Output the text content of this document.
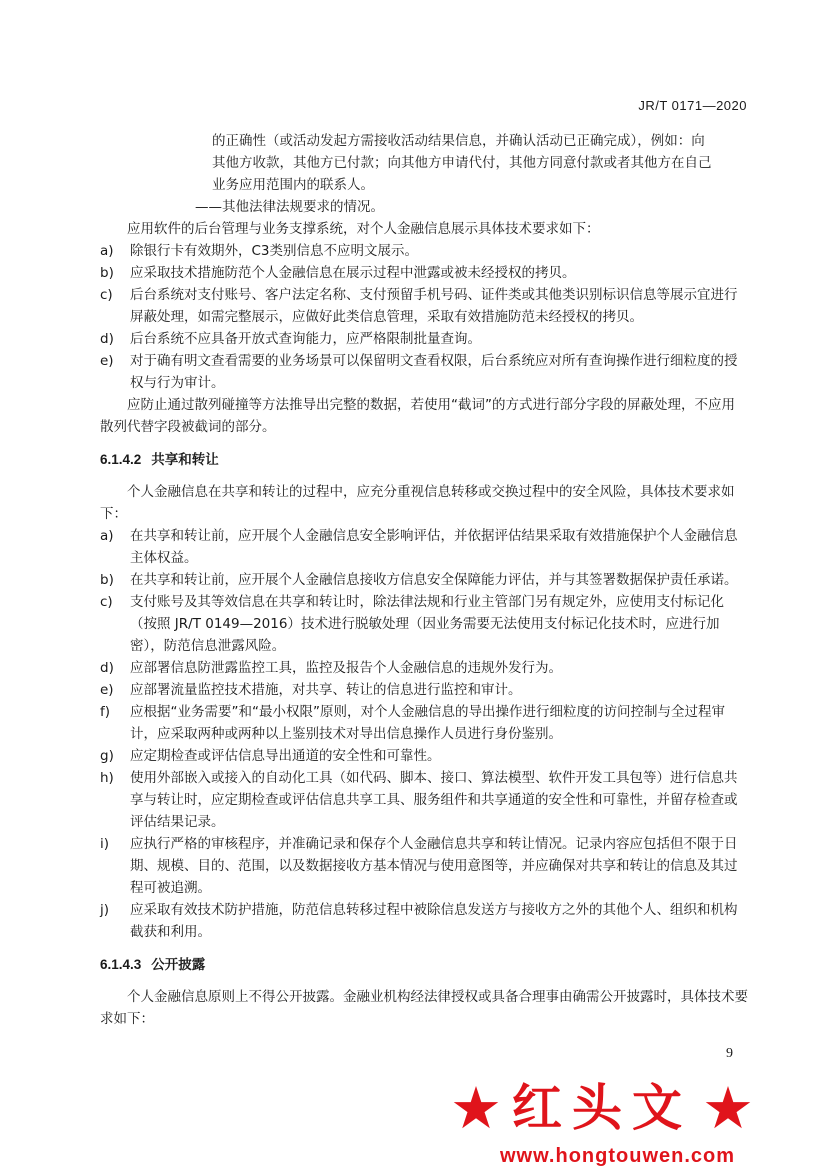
JR/T 0171—2020

的正确性（或活动发起方需接收活动结果信息，并确认活动已正确完成），例如：向

其他方收款，其他方已付款；向其他方申请代付，其他方同意付款或者其他方在自己

业务应用范围内的联系人。

——其他法律法规要求的情况。

应用软件的后台管理与业务支撑系统，对个人金融信息展示具体技术要求如下：

a)	除银行卡有效期外，C3类别信息不应明文展示。
b)	应采取技术措施防范个人金融信息在展示过程中泄露或被未经授权的拷贝。
c)	后台系统对支付账号、客户法定名称、支付预留手机号码、证件类或其他类识别标识信息等展示宜进行屏蔽处理，如需完整展示，应做好此类信息管理，采取有效措施防范未经授权的拷贝。
d)	后台系统不应具备开放式查询能力，应严格限制批量查询。
e)	对于确有明文查看需要的业务场景可以保留明文查看权限，后台系统应对所有查询操作进行细粒度的授权与行为审计。

应防止通过散列碰撞等方法推导出完整的数据，若使用“截词”的方式进行部分字段的屏蔽处理，不应用散列代替字段被截词的部分。

6.1.4.2 共享和转让

个人金融信息在共享和转让的过程中，应充分重视信息转移或交换过程中的安全风险，具体技术要求如下：

a)	在共享和转让前，应开展个人金融信息安全影响评估，并依据评估结果采取有效措施保护个人金融信息主体权益。
b)	在共享和转让前，应开展个人金融信息接收方信息安全保障能力评估，并与其签署数据保护责任承诺。
c)	支付账号及其等效信息在共享和转让时，除法律法规和行业主管部门另有规定外，应使用支付标记化（按照 JR/T 0149—2016）技术进行脱敏处理（因业务需要无法使用支付标记化技术时，应进行加密），防范信息泄露风险。
d)	应部署信息防泄露监控工具，监控及报告个人金融信息的违规外发行为。
e)	应部署流量监控技术措施，对共享、转让的信息进行监控和审计。
f)	应根据“业务需要”和“最小权限”原则，对个人金融信息的导出操作进行细粒度的访问控制与全过程审计，应采取两种或两种以上鉴别技术对导出信息操作人员进行身份鉴别。
g)	应定期检查或评估信息导出通道的安全性和可靠性。
h)	使用外部嵌入或接入的自动化工具（如代码、脚本、接口、算法模型、软件开发工具包等）进行信息共享与转让时，应定期检查或评估信息共享工具、服务组件和共享通道的安全性和可靠性，并留存检查或评估结果记录。
i)	应执行严格的审核程序，并准确记录和保存个人金融信息共享和转让情况。记录内容应包括但不限于日期、规模、目的、范围，以及数据接收方基本情况与使用意图等，并应确保对共享和转让的信息及其过程可被追溯。
j)	应采取有效技术防护措施，防范信息转移过程中被除信息发送方与接收方之外的其他个人、组织和机构截获和利用。

6.1.4.3 公开披露

个人金融信息原则上不得公开披露。金融业机构经法律授权或具备合理事由确需公开披露时，具体技术要求如下：

9
★ 红头文 ★
www.hongtouwen.com
